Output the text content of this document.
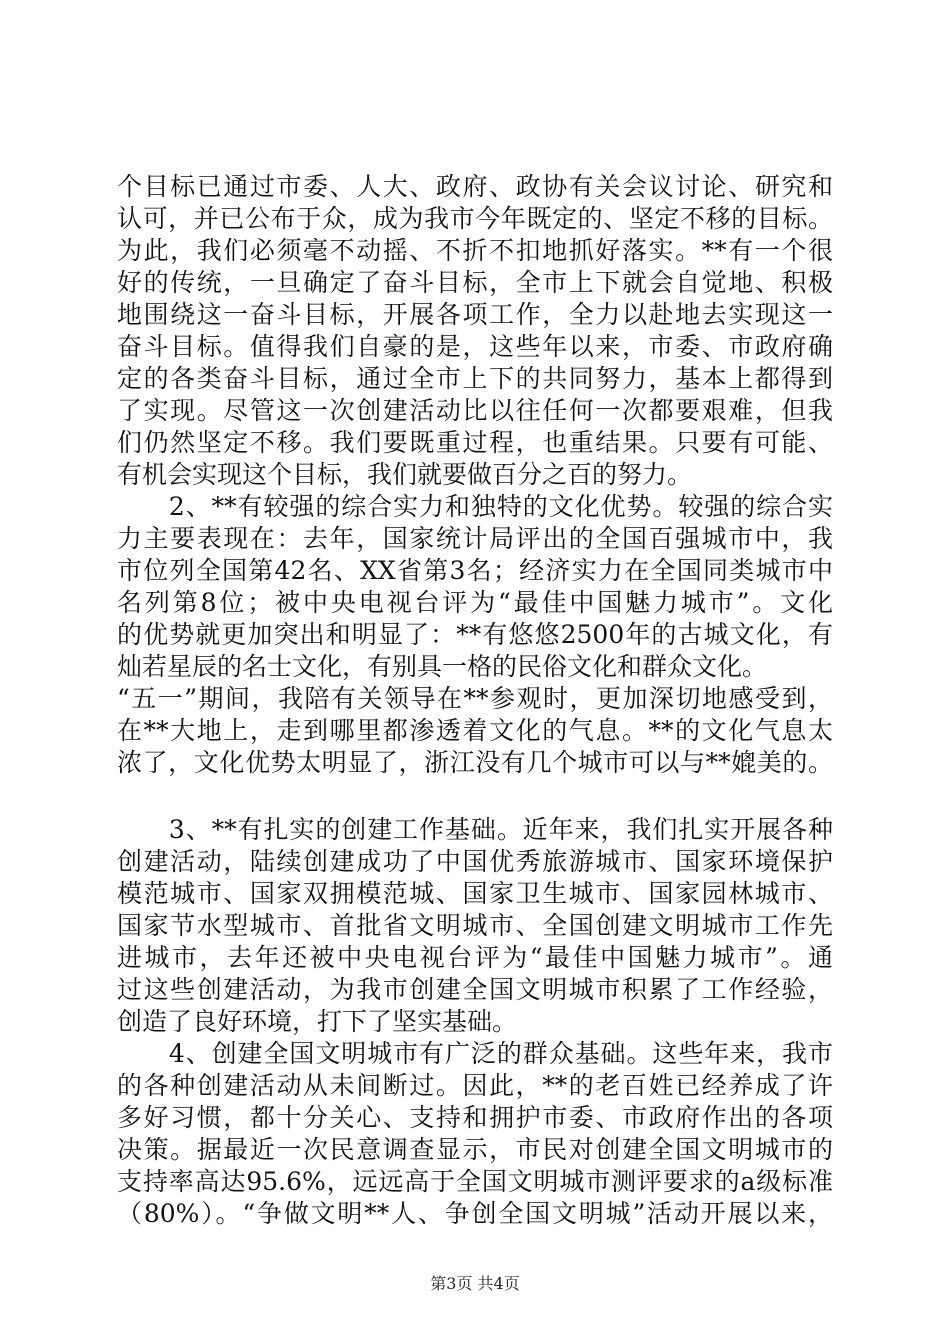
个目标已通过市委、人大、政府、政协有关会议讨论、研究和
认可，并已公布于众，成为我市今年既定的、坚定不移的目标。
为此，我们必须毫不动摇、不折不扣地抓好落实。**有一个很
好的传统，一旦确定了奋斗目标，全市上下就会自觉地、积极
地围绕这一奋斗目标，开展各项工作，全力以赴地去实现这一
奋斗目标。值得我们自豪的是，这些年以来，市委、市政府确
定的各类奋斗目标，通过全市上下的共同努力，基本上都得到
了实现。尽管这一次创建活动比以往任何一次都要艰难，但我
们仍然坚定不移。我们要既重过程，也重结果。只要有可能、
有机会实现这个目标，我们就要做百分之百的努力。
　　2、**有较强的综合实力和独特的文化优势。较强的综合实
力主要表现在：去年，国家统计局评出的全国百强城市中，我
市位列全国第42名、XX省第3名；经济实力在全国同类城市中
名列第8位；被中央电视台评为“最佳中国魅力城市”。文化
的优势就更加突出和明显了：**有悠悠2500年的古城文化，有
灿若星辰的名士文化，有别具一格的民俗文化和群众文化。
“五一”期间，我陪有关领导在**参观时，更加深切地感受到，
在**大地上，走到哪里都渗透着文化的气息。**的文化气息太
浓了，文化优势太明显了，浙江没有几个城市可以与**媲美的。
　　3、**有扎实的创建工作基础。近年来，我们扎实开展各种
创建活动，陆续创建成功了中国优秀旅游城市、国家环境保护
模范城市、国家双拥模范城、国家卫生城市、国家园林城市、
国家节水型城市、首批省文明城市、全国创建文明城市工作先
进城市，去年还被中央电视台评为“最佳中国魅力城市”。通
过这些创建活动，为我市创建全国文明城市积累了工作经验，
创造了良好环境，打下了坚实基础。
　　4、创建全国文明城市有广泛的群众基础。这些年来，我市
的各种创建活动从未间断过。因此，**的老百姓已经养成了许
多好习惯，都十分关心、支持和拥护市委、市政府作出的各项
决策。据最近一次民意调查显示，市民对创建全国文明城市的
支持率高达95.6%，远远高于全国文明城市测评要求的a级标准
（80%）。“争做文明**人、争创全国文明城”活动开展以来，
第3页 共4页
